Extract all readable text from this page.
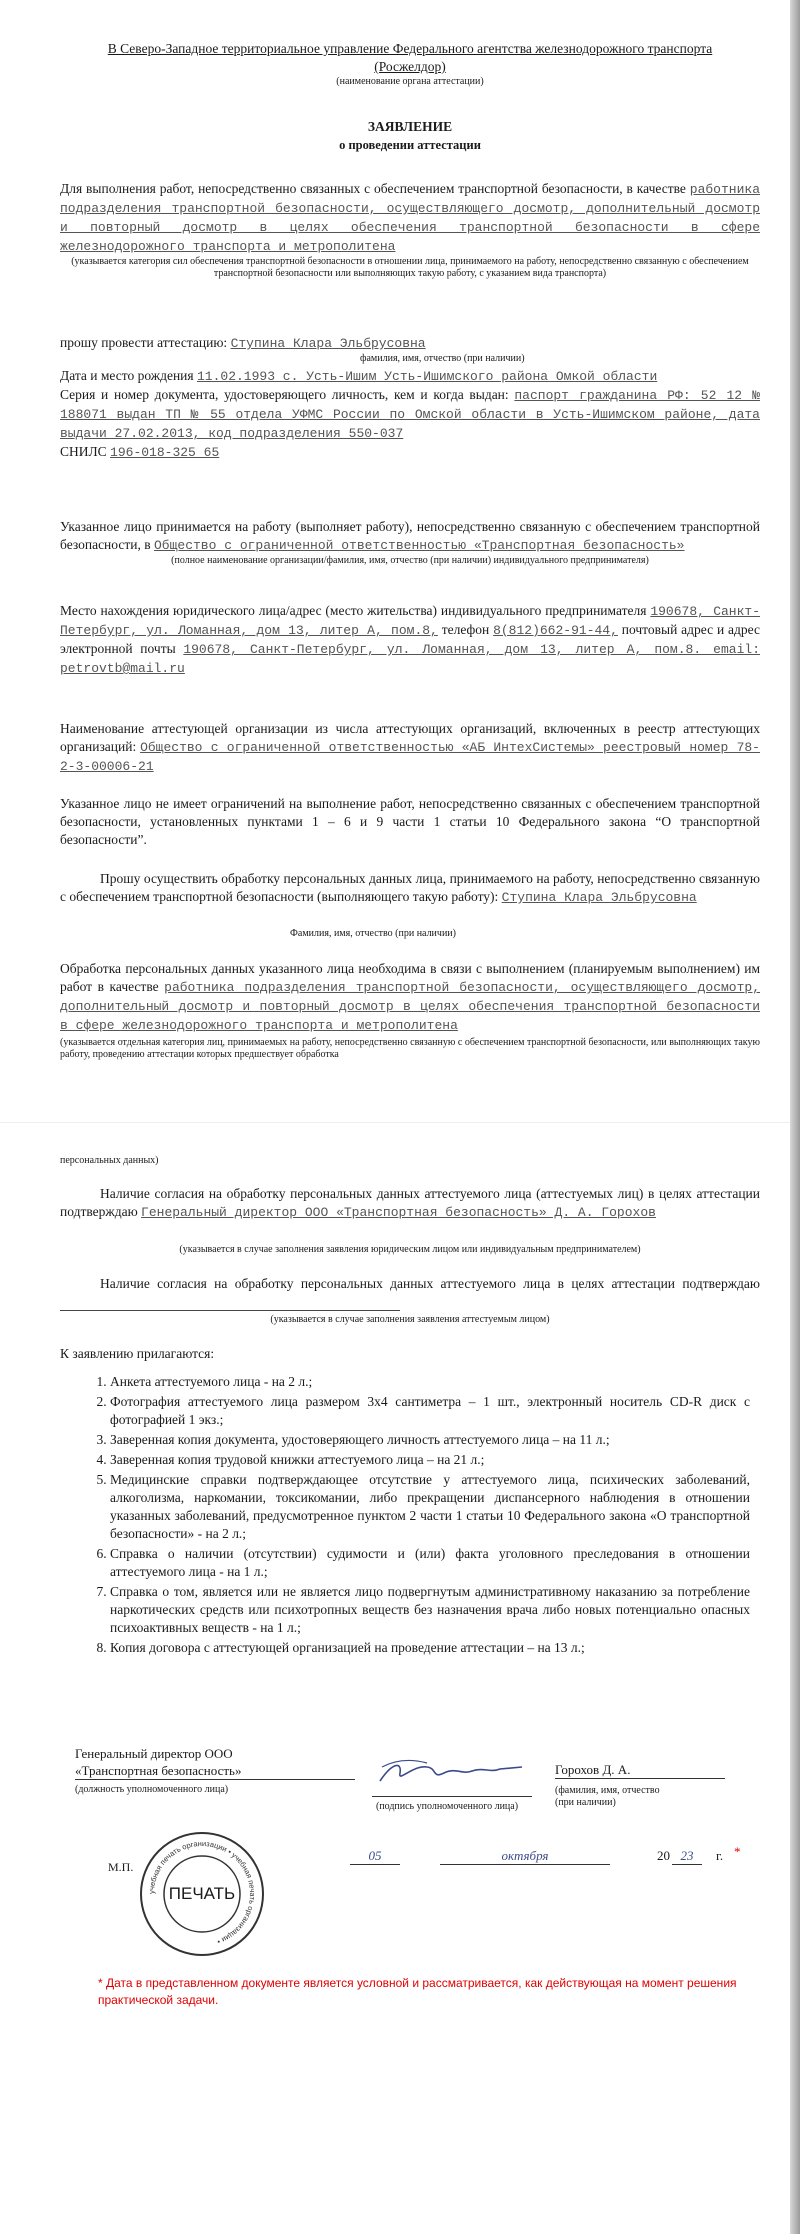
В Северо-Западное территориальное управление Федерального агентства железнодорожного транспорта (Росжелдор)
(наименование органа аттестации)
ЗАЯВЛЕНИЕ
о проведении аттестации
Для выполнения работ, непосредственно связанных с обеспечением транспортной безопасности, в качестве работника подразделения транспортной безопасности, осуществляющего досмотр, дополнительный досмотр и повторный досмотр в целях обеспечения транспортной безопасности в сфере железнодорожного транспорта и метрополитена
(указывается категория сил обеспечения транспортной безопасности в отношении лица, принимаемого на работу, непосредственно связанную с обеспечением транспортной безопасности или выполняющих такую работу, с указанием вида транспорта)
прошу провести аттестацию: Ступина Клара Эльбрусовна
фамилия, имя, отчество (при наличии)
Дата и место рождения 11.02.1993 с. Усть-Ишим Усть-Ишимского района Омкой области
Серия и номер документа, удостоверяющего личность, кем и когда выдан: паспорт гражданина РФ: 52 12 № 188071 выдан ТП № 55 отдела УФМС России по Омской области в Усть-Ишимском районе, дата выдачи 27.02.2013, код подразделения 550-037
СНИЛС 196-018-325 65
Указанное лицо принимается на работу (выполняет работу), непосредственно связанную с обеспечением транспортной безопасности, в Общество с ограниченной ответственностью «Транспортная безопасность»
(полное наименование организации/фамилия, имя, отчество (при наличии) индивидуального предпринимателя)
Место нахождения юридического лица/адрес (место жительства) индивидуального предпринимателя 190678, Санкт-Петербург, ул. Ломанная, дом 13, литер А, пом.8, телефон 8(812)662-91-44, почтовый адрес и адрес электронной почты 190678, Санкт-Петербург, ул. Ломанная, дом 13, литер А, пом.8. email: petrovtb@mail.ru
Наименование аттестующей организации из числа аттестующих организаций, включенных в реестр аттестующих организаций: Общество с ограниченной ответственностью «АБ ИнтехСистемы» реестровый номер 78-2-3-00006-21
Указанное лицо не имеет ограничений на выполнение работ, непосредственно связанных с обеспечением транспортной безопасности, установленных пунктами 1 – 6 и 9 части 1 статьи 10 Федерального закона “О транспортной безопасности”.
Прошу осуществить обработку персональных данных лица, принимаемого на работу, непосредственно связанную с обеспечением транспортной безопасности (выполняющего такую работу): Ступина Клара Эльбрусовна
Фамилия, имя, отчество (при наличии)
Обработка персональных данных указанного лица необходима в связи с выполнением (планируемым выполнением) им работ в качестве работника подразделения транспортной безопасности, осуществляющего досмотр, дополнительный досмотр и повторный досмотр в целях обеспечения транспортной безопасности в сфере железнодорожного транспорта и метрополитена
(указывается отдельная категория лиц, принимаемых на работу, непосредственно связанную с обеспечением транспортной безопасности, или выполняющих такую работу, проведению аттестации которых предшествует обработка
персональных данных)
Наличие согласия на обработку персональных данных аттестуемого лица (аттестуемых лиц) в целях аттестации подтверждаю Генеральный директор ООО «Транспортная безопасность» Д. А. Горохов
(указывается в случае заполнения заявления юридическим лицом или индивидуальным предпринимателем)
Наличие согласия на обработку персональных данных аттестуемого лица в целях аттестации подтверждаю
(указывается в случае заполнения заявления аттестуемым лицом)
К заявлению прилагаются:
1. Анкета аттестуемого лица - на 2 л.;
2. Фотография аттестуемого лица размером 3x4 сантиметра – 1 шт., электронный носитель CD-R диск с фотографией 1 экз.;
3. Заверенная копия документа, удостоверяющего личность аттестуемого лица – на 11 л.;
4. Заверенная копия трудовой книжки аттестуемого лица – на 21 л.;
5. Медицинские справки подтверждающее отсутствие у аттестуемого лица, психических заболеваний, алкоголизма, наркомании, токсикомании, либо прекращении диспансерного наблюдения в отношении указанных заболеваний, предусмотренное пунктом 2 части 1 статьи 10 Федерального закона «О транспортной безопасности» - на 2 л.;
6. Справка о наличии (отсутствии) судимости и (или) факта уголовного преследования в отношении аттестуемого лица - на 1 л.;
7. Справка о том, является или не является лицо подвергнутым административному наказанию за потребление наркотических средств или психотропных веществ без назначения врача либо новых потенциально опасных психоактивных веществ - на 1 л.;
8. Копия договора с аттестующей организацией на проведение аттестации – на 13 л.;
Генеральный директор ООО
«Транспортная безопасность»
(должность уполномоченного лица)
(подпись уполномоченного лица)
Горохов Д. А.
(фамилия, имя, отчество (при наличии)
М.П.
учебная печать организации • учебная печать организации •
ПЕЧАТЬ
05	октября	20 23	г. *
* Дата в представленном документе является условной и рассматривается, как действующая на момент решения практической задачи.
